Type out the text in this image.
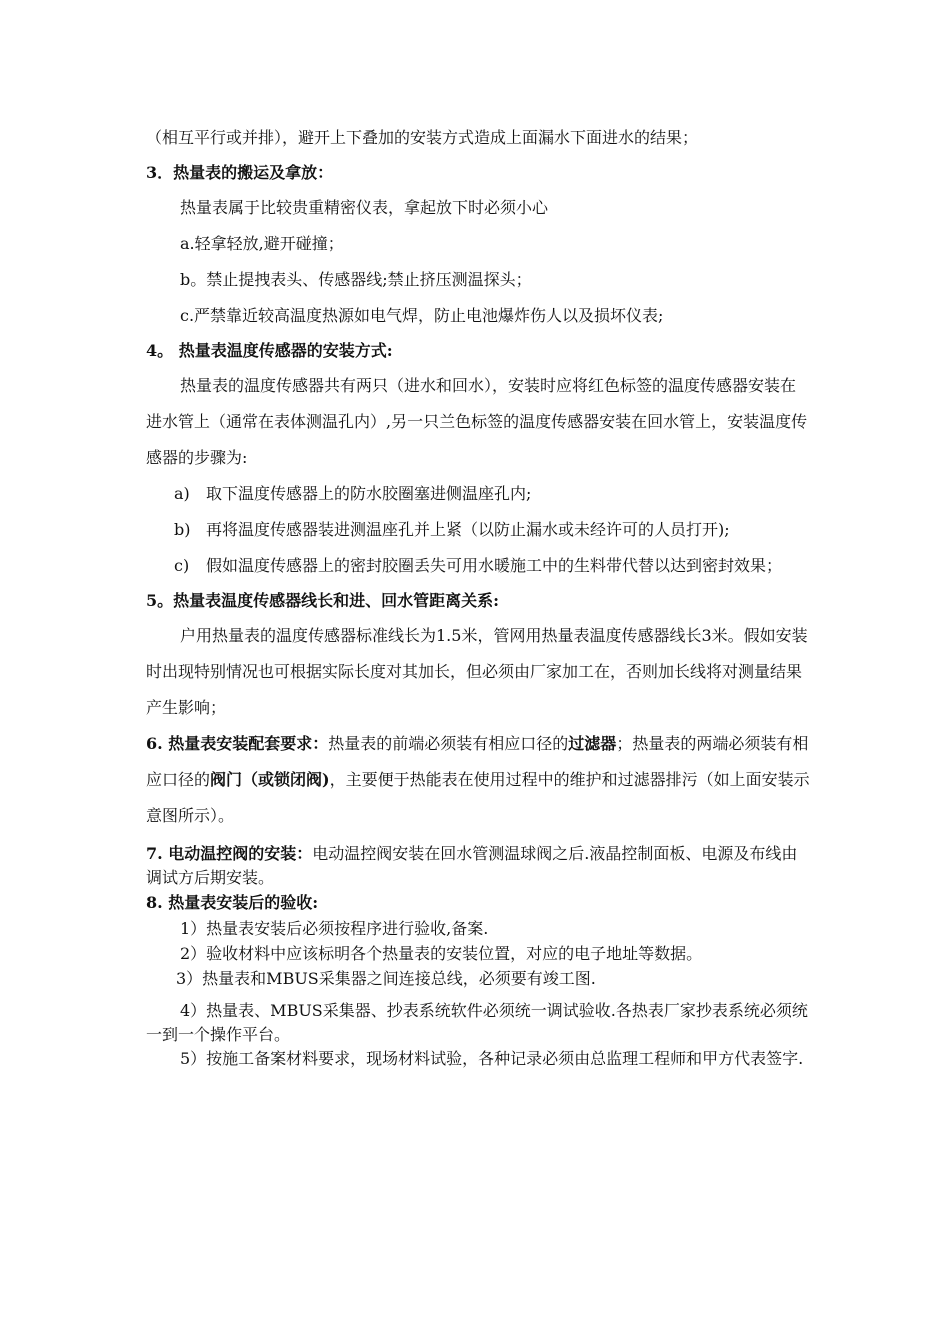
（相互平行或并排），避开上下叠加的安装方式造成上面漏水下面进水的结果；

3．热量表的搬运及拿放：

热量表属于比较贵重精密仪表，拿起放下时必须小心

a.轻拿轻放,避开碰撞；

b。禁止提拽表头、传感器线;禁止挤压测温探头；

c.严禁靠近较高温度热源如电气焊，防止电池爆炸伤人以及损坏仪表;

4。 热量表温度传感器的安装方式:

热量表的温度传感器共有两只（进水和回水），安装时应将红色标签的温度传感器安装在进水管上（通常在表体测温孔内）,另一只兰色标签的温度传感器安装在回水管上，安装温度传感器的步骤为:

a)	取下温度传感器上的防水胶圈塞进侧温座孔内;
b) 再将温度传感器装进测温座孔并上紧（以防止漏水或未经许可的人员打开);
c)	假如温度传感器上的密封胶圈丢失可用水暖施工中的生料带代替以达到密封效果；

5。热量表温度传感器线长和进、回水管距离关系:

户用热量表的温度传感器标准线长为1.5米，管网用热量表温度传感器线长3米。假如安装时出现特别情况也可根据实际长度对其加长，但必须由厂家加工在，否则加长线将对测量结果产生影响；

6. 热量表安装配套要求：热量表的前端必须装有相应口径的过滤器；热量表的两端必须装有相应口径的阀门（或锁闭阀)，主要便于热能表在使用过程中的维护和过滤器排污（如上面安装示意图所示）。

7. 电动温控阀的安装：电动温控阀安装在回水管测温球阀之后.液晶控制面板、电源及布线由调试方后期安装。

8. 热量表安装后的验收:

1）热量表安装后必须按程序进行验收,备案.

2）验收材料中应该标明各个热量表的安装位置，对应的电子地址等数据。

3）热量表和MBUS采集器之间连接总线，必须要有竣工图.

4）热量表、MBUS采集器、抄表系统软件必须统一调试验收.各热表厂家抄表系统必须统一到一个操作平台。

5）按施工备案材料要求，现场材料试验，各种记录必须由总监理工程师和甲方代表签字.
